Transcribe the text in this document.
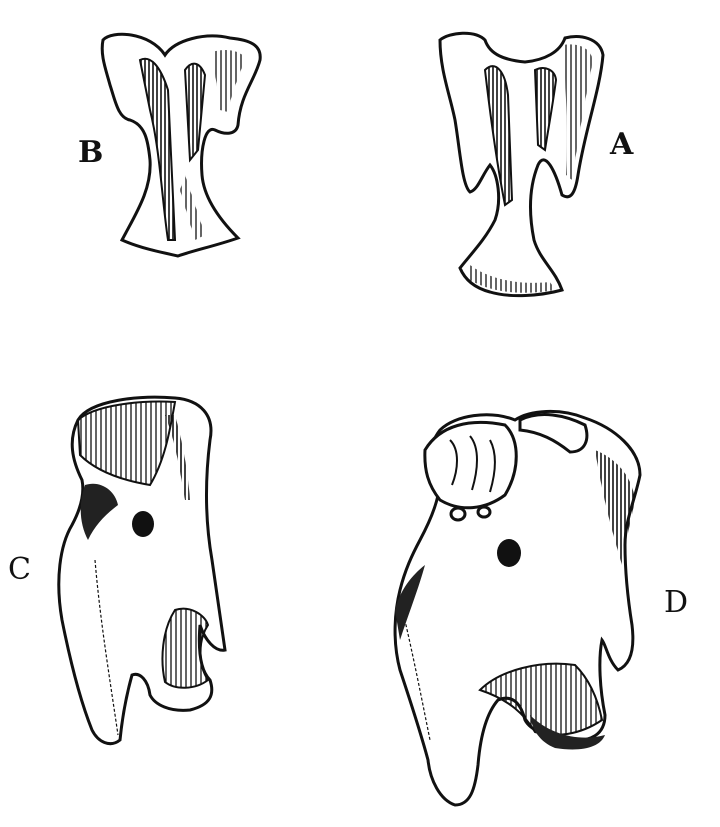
B	A
C
D
